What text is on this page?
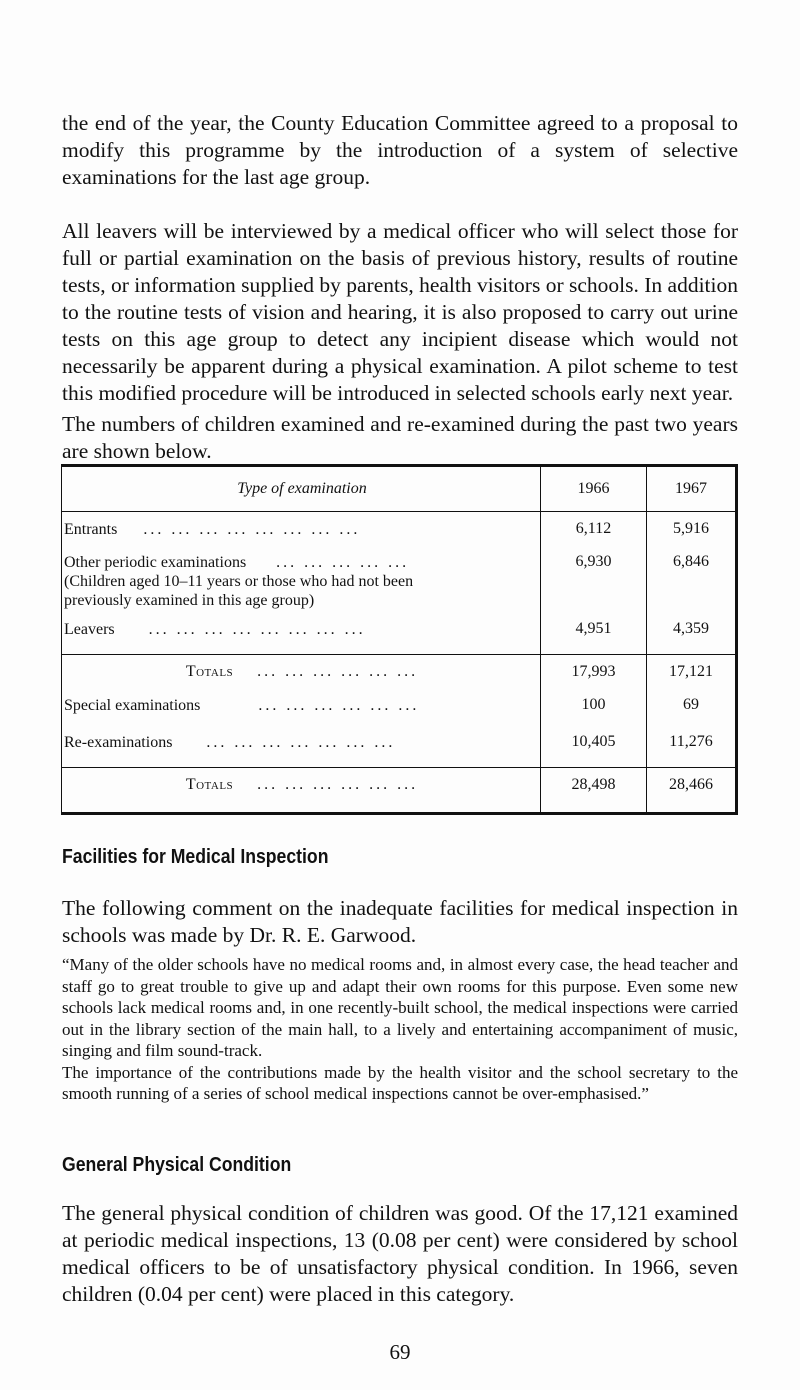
the end of the year, the County Education Committee agreed to a proposal to modify this programme by the introduction of a system of selective examinations for the last age group.

All leavers will be interviewed by a medical officer who will select those for full or partial examination on the basis of previous history, results of routine tests, or information supplied by parents, health visitors or schools. In addition to the routine tests of vision and hearing, it is also proposed to carry out urine tests on this age group to detect any incipient disease which would not necessarily be apparent during a physical examination. A pilot scheme to test this modified procedure will be introduced in selected schools early next year.

The numbers of children examined and re-examined during the past two years are shown below.

Type of examination	1966	1967
Entrants ... ... ... ... ... ... ... ...	6,112	5,916

Other periodic examinations ... ... ... ... ...
(Children aged 10–11 years or those who had not been previously examined in this age group)	6,930	6,846
Leavers ... ... ... ... ... ... ... ...	4,951	4,359
Totals ... ... ... ... ... ...	17,993	17,121
Special examinations ... ... ... ... ... ...	100	69
Re-examinations ... ... ... ... ... ... ...	10,405	11,276
Totals ... ... ... ... ... ...	28,498	28,466
Facilities for Medical Inspection

The following comment on the inadequate facilities for medical inspection in schools was made by Dr. R. E. Garwood.

“Many of the older schools have no medical rooms and, in almost every case, the head teacher and staff go to great trouble to give up and adapt their own rooms for this purpose. Even some new schools lack medical rooms and, in one recently-built school, the medical inspections were carried out in the library section of the main hall, to a lively and entertaining accompaniment of music, singing and film sound-track.

The importance of the contributions made by the health visitor and the school secretary to the smooth running of a series of school medical inspections cannot be over-emphasised.”

General Physical Condition

The general physical condition of children was good. Of the 17,121 examined at periodic medical inspections, 13 (0.08 per cent) were considered by school medical officers to be of unsatisfactory physical condition. In 1966, seven children (0.04 per cent) were placed in this category.

69
